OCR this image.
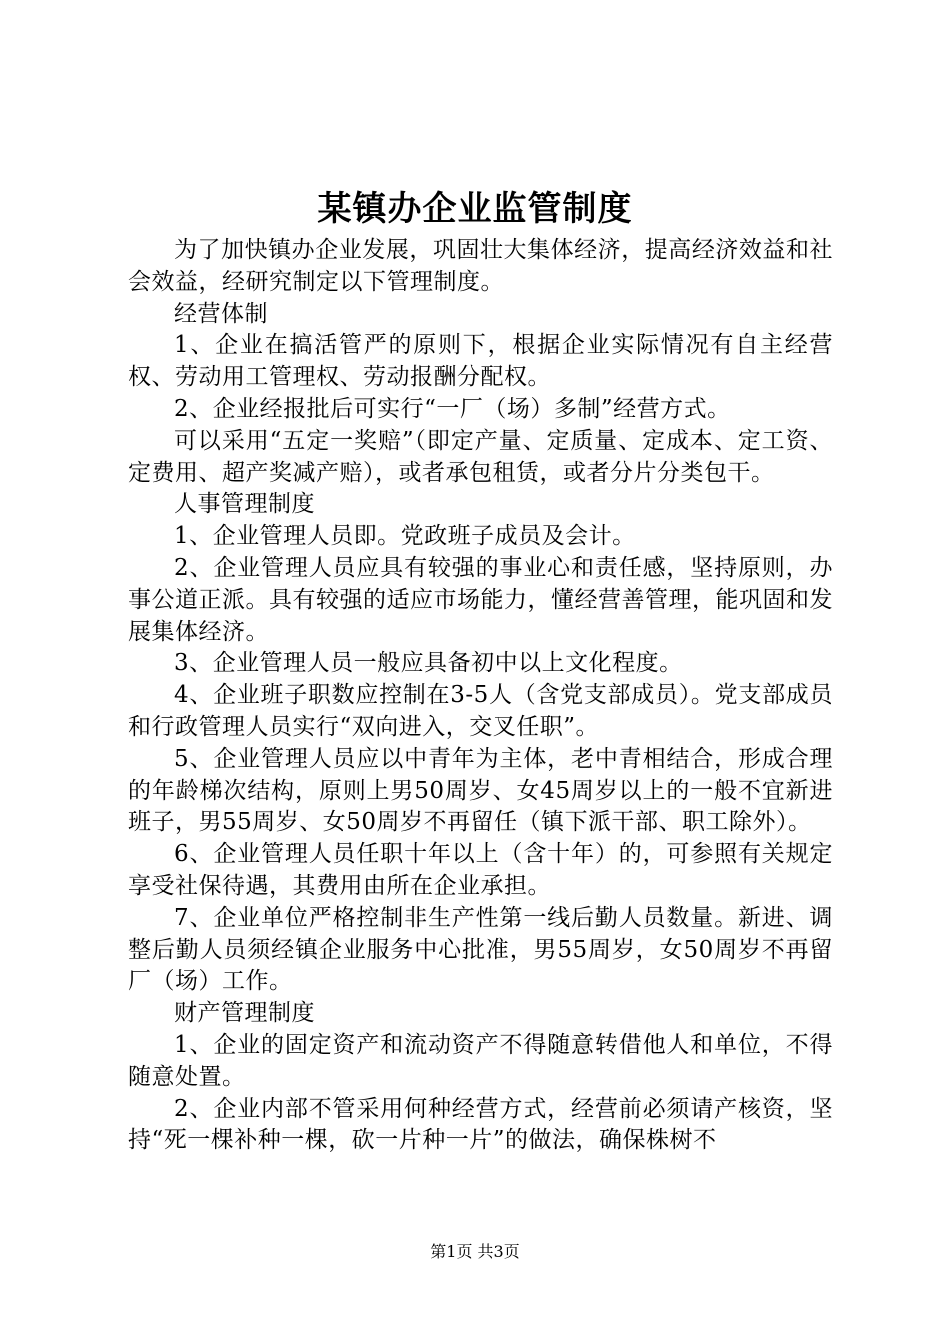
某镇办企业监管制度

为了加快镇办企业发展，巩固壮大集体经济，提高经济效益和社会效益，经研究制定以下管理制度。

经营体制

1、企业在搞活管严的原则下，根据企业实际情况有自主经营权、劳动用工管理权、劳动报酬分配权。

2、企业经报批后可实行“一厂（场）多制”经营方式。

可以采用“五定一奖赔”（即定产量、定质量、定成本、定工资、定费用、超产奖减产赔），或者承包租赁，或者分片分类包干。

人事管理制度

1、企业管理人员即。党政班子成员及会计。

2、企业管理人员应具有较强的事业心和责任感，坚持原则，办事公道正派。具有较强的适应市场能力，懂经营善管理，能巩固和发展集体经济。

3、企业管理人员一般应具备初中以上文化程度。

4、企业班子职数应控制在3-5人（含党支部成员）。党支部成员和行政管理人员实行“双向进入，交叉任职”。

5、企业管理人员应以中青年为主体，老中青相结合，形成合理的年龄梯次结构，原则上男50周岁、女45周岁以上的一般不宜新进班子，男55周岁、女50周岁不再留任（镇下派干部、职工除外）。

6、企业管理人员任职十年以上（含十年）的，可参照有关规定享受社保待遇，其费用由所在企业承担。

7、企业单位严格控制非生产性第一线后勤人员数量。新进、调整后勤人员须经镇企业服务中心批准，男55周岁，女50周岁不再留厂（场）工作。

财产管理制度

1、企业的固定资产和流动资产不得随意转借他人和单位，不得随意处置。

2、企业内部不管采用何种经营方式，经营前必须请产核资，坚持“死一棵补种一棵，砍一片种一片”的做法，确保株树不

第1页 共3页
